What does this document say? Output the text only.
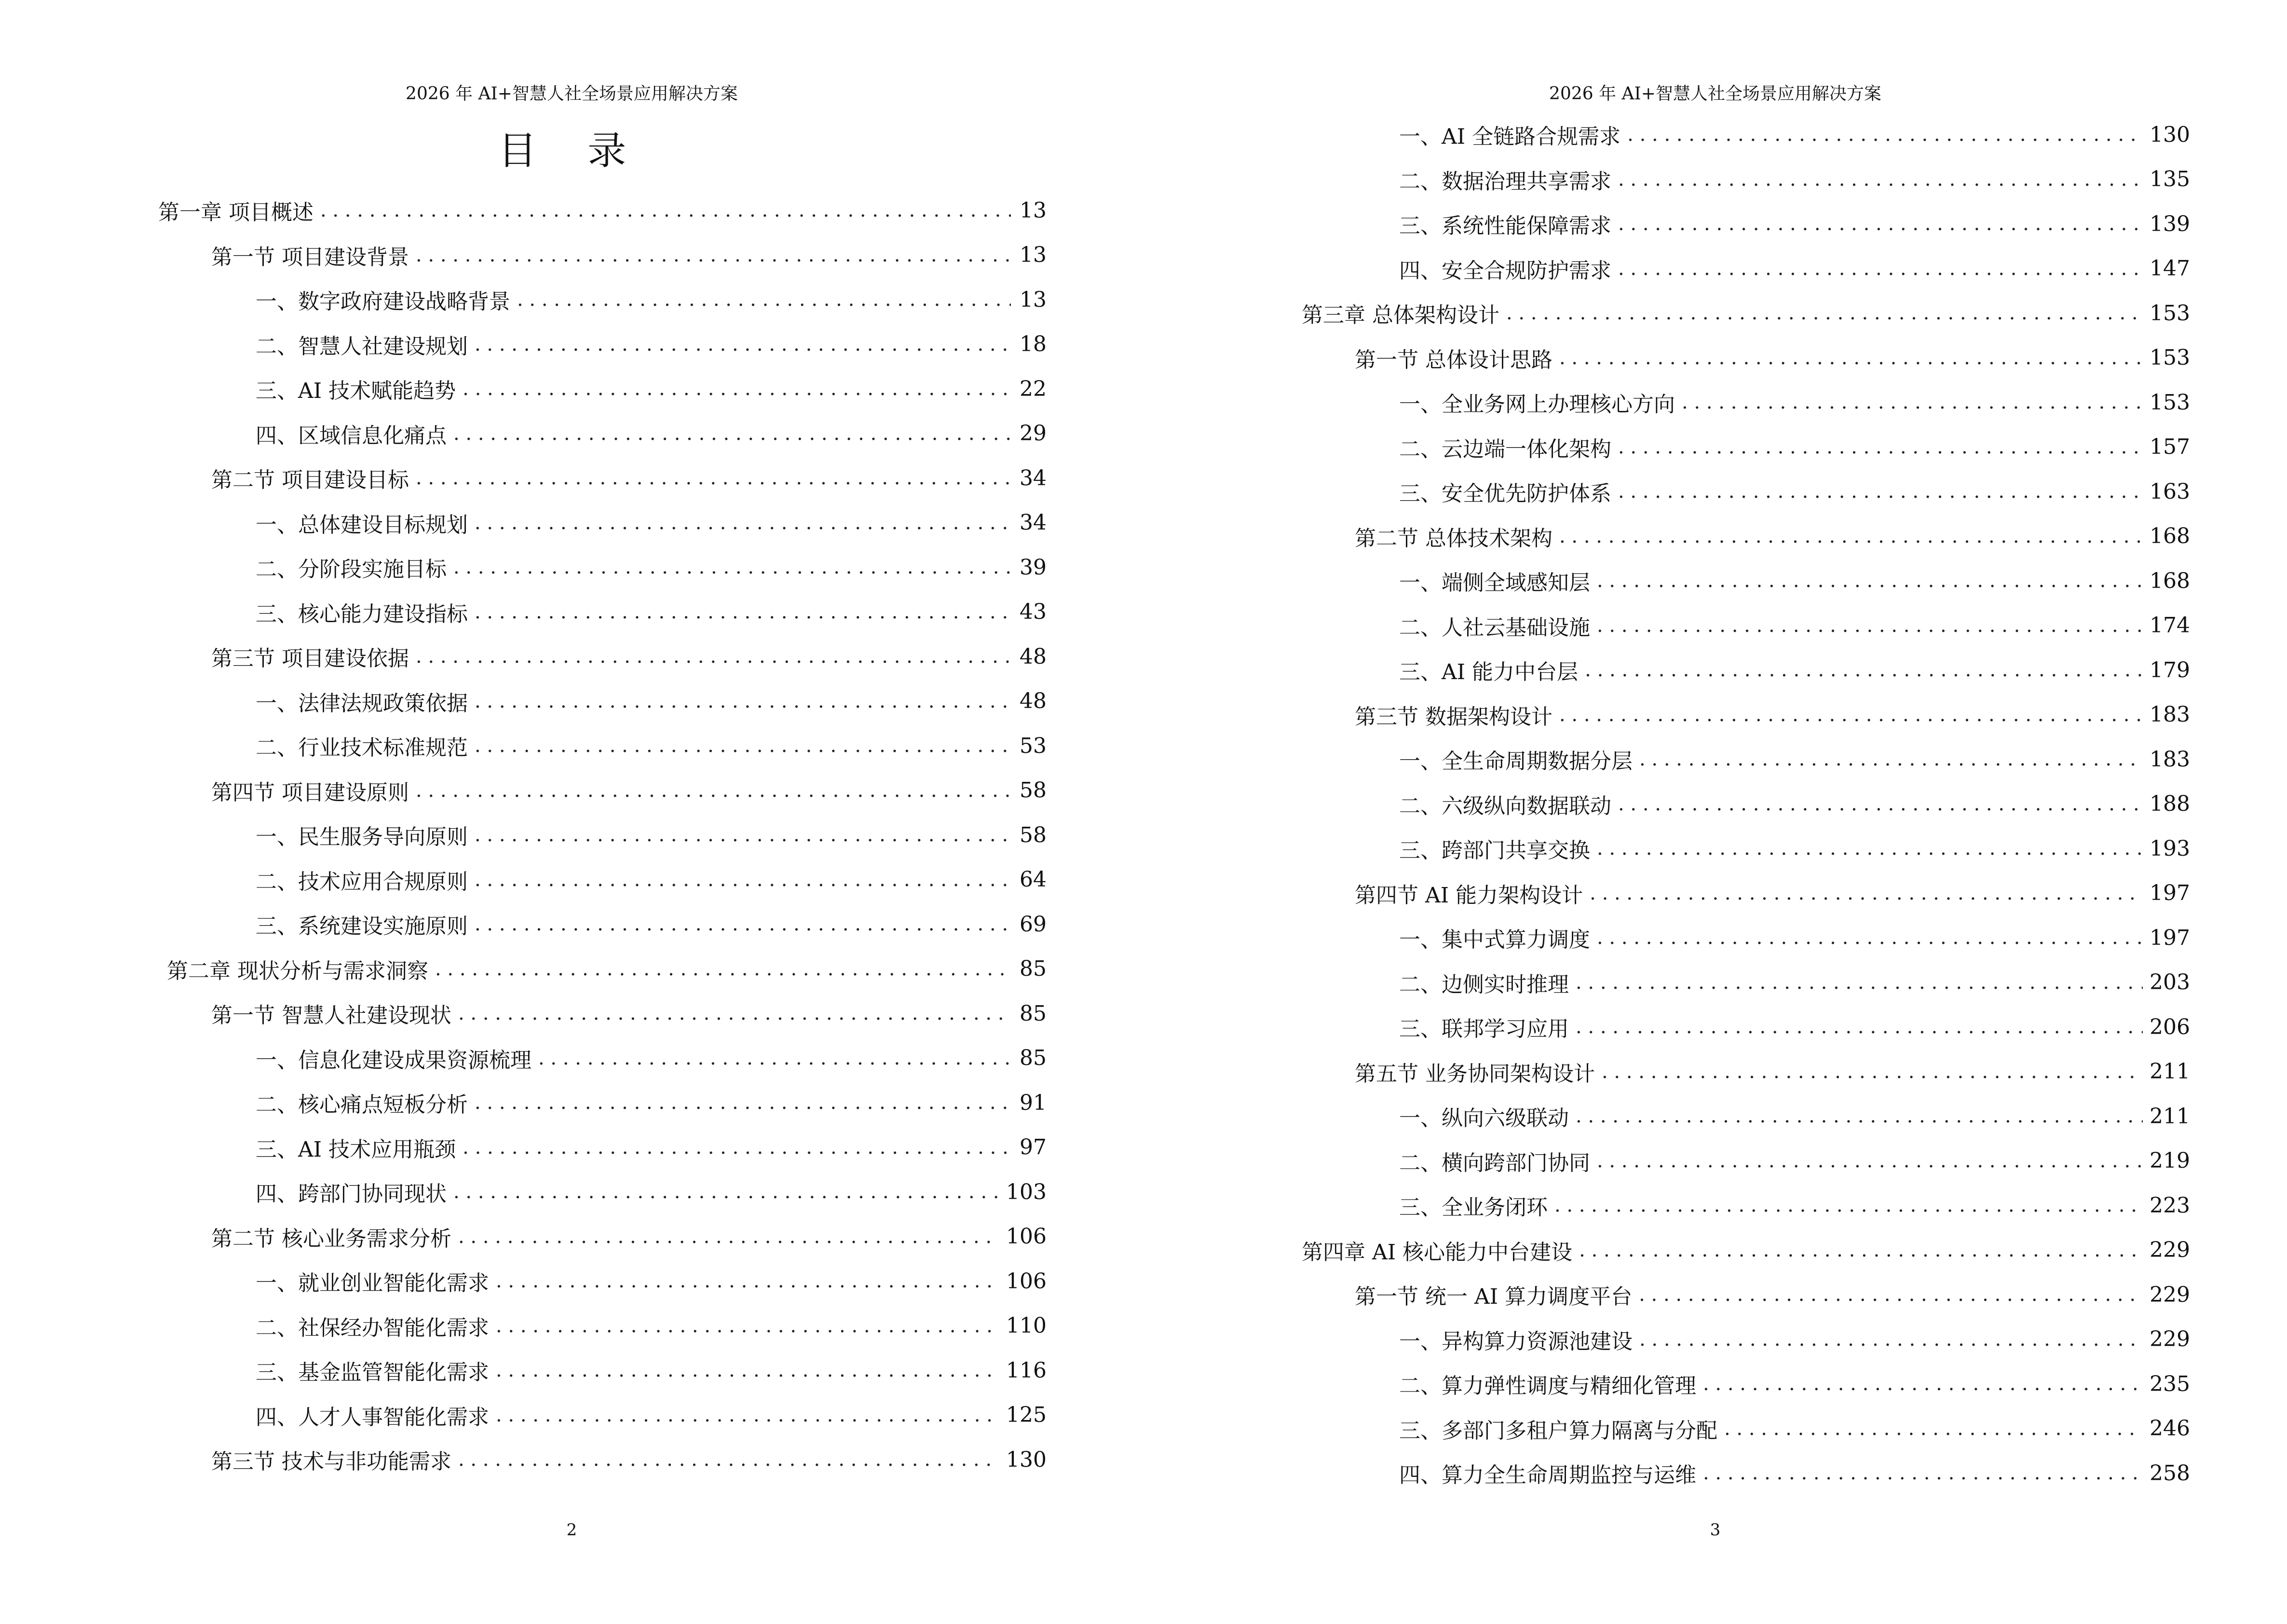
2026 年 AI+智慧人社全场景应用解决方案
目 录
第一章 项目概述 . . .	13
第一节 项目建设背景 . . .	13
一、数字政府建设战略背景 . . .	13
二、智慧人社建设规划 . . .	18
三、AI 技术赋能趋势 . . .	22
四、区域信息化痛点 . . .	29
第二节 项目建设目标 . . .	34
一、总体建设目标规划 . . .	34
二、分阶段实施目标 . . .	39
三、核心能力建设指标 . . .	43
第三节 项目建设依据 . . .	48
一、法律法规政策依据 . . .	48
二、行业技术标准规范 . . .	53
第四节 项目建设原则 . . .	58
一、民生服务导向原则 . . .	58
二、技术应用合规原则 . . .	64
三、系统建设实施原则 . . .	69
第二章 现状分析与需求洞察 . . .	85
第一节 智慧人社建设现状 . . .	85
一、信息化建设成果资源梳理 . . .	85
二、核心痛点短板分析 . . .	91
三、AI 技术应用瓶颈 . . .	97
四、跨部门协同现状 . . .	103
第二节 核心业务需求分析 . . .	106
一、就业创业智能化需求 . . .	106
二、社保经办智能化需求 . . .	110
三、基金监管智能化需求 . . .	116
四、人才人事智能化需求 . . .	125
第三节 技术与非功能需求 . . .	130
2
2026 年 AI+智慧人社全场景应用解决方案
一、AI 全链路合规需求 . . .	130
二、数据治理共享需求 . . .	135
三、系统性能保障需求 . . .	139
四、安全合规防护需求 . . .	147
第三章 总体架构设计 . . .	153
第一节 总体设计思路 . . .	153
一、全业务网上办理核心方向 . . .	153
二、云边端一体化架构 . . .	157
三、安全优先防护体系 . . .	163
第二节 总体技术架构 . . .	168
一、端侧全域感知层 . . .	168
二、人社云基础设施 . . .	174
三、AI 能力中台层 . . .	179
第三节 数据架构设计 . . .	183
一、全生命周期数据分层 . . .	183
二、六级纵向数据联动 . . .	188
三、跨部门共享交换 . . .	193
第四节 AI 能力架构设计 . . .	197
一、集中式算力调度 . . .	197
二、边侧实时推理 . . .	203
三、联邦学习应用 . . .	206
第五节 业务协同架构设计 . . .	211
一、纵向六级联动 . . .	211
二、横向跨部门协同 . . .	219
三、全业务闭环 . . .	223
第四章 AI 核心能力中台建设 . . .	229
第一节 统一 AI 算力调度平台 . . .	229
一、异构算力资源池建设 . . .	229
二、算力弹性调度与精细化管理 . . .	235
三、多部门多租户算力隔离与分配 . . .	246
四、算力全生命周期监控与运维 . . .	258
3
